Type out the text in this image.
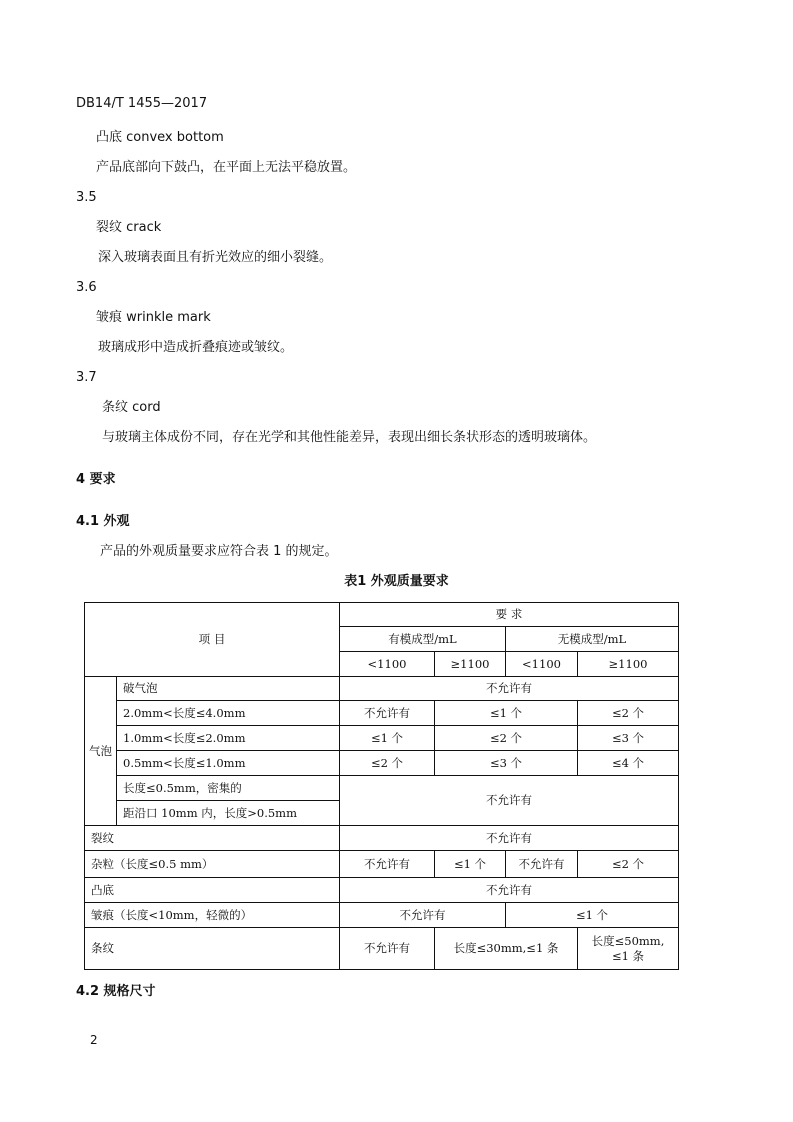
DB14/T 1455—2017
凸底 convex bottom
产品底部向下鼓凸，在平面上无法平稳放置。
3.5
裂纹 crack
深入玻璃表面且有折光效应的细小裂缝。
3.6
皱痕 wrinkle mark
玻璃成形中造成折叠痕迹或皱纹。
3.7
条纹 cord
与玻璃主体成份不同，存在光学和其他性能差异，表现出细长条状形态的透明玻璃体。
4 要求
4.1 外观
产品的外观质量要求应符合表 1 的规定。
表1 外观质量要求
项 目		要 求			
		有模成型/mL		无模成型/mL	
		<1100	≥1100	<1100	≥1100
气泡	破气泡	不允许有			
	2.0mm<长度≤4.0mm	不允许有	≤1 个		≤2 个
	1.0mm<长度≤2.0mm	≤1 个	≤2 个		≤3 个
	0.5mm<长度≤1.0mm	≤2 个	≤3 个		≤4 个
	长度≤0.5mm，密集的	不允许有			
	距沿口 10mm 内，长度>0.5mm				
裂纹		不允许有			
杂粒（长度≤0.5 mm）		不允许有	≤1 个	不允许有	≤2 个
凸底		不允许有			
皱痕（长度<10mm，轻微的）		不允许有		≤1 个	
条纹		不允许有	长度≤30mm,≤1 条		长度≤50mm,
≤1 条
4.2 规格尺寸
2
